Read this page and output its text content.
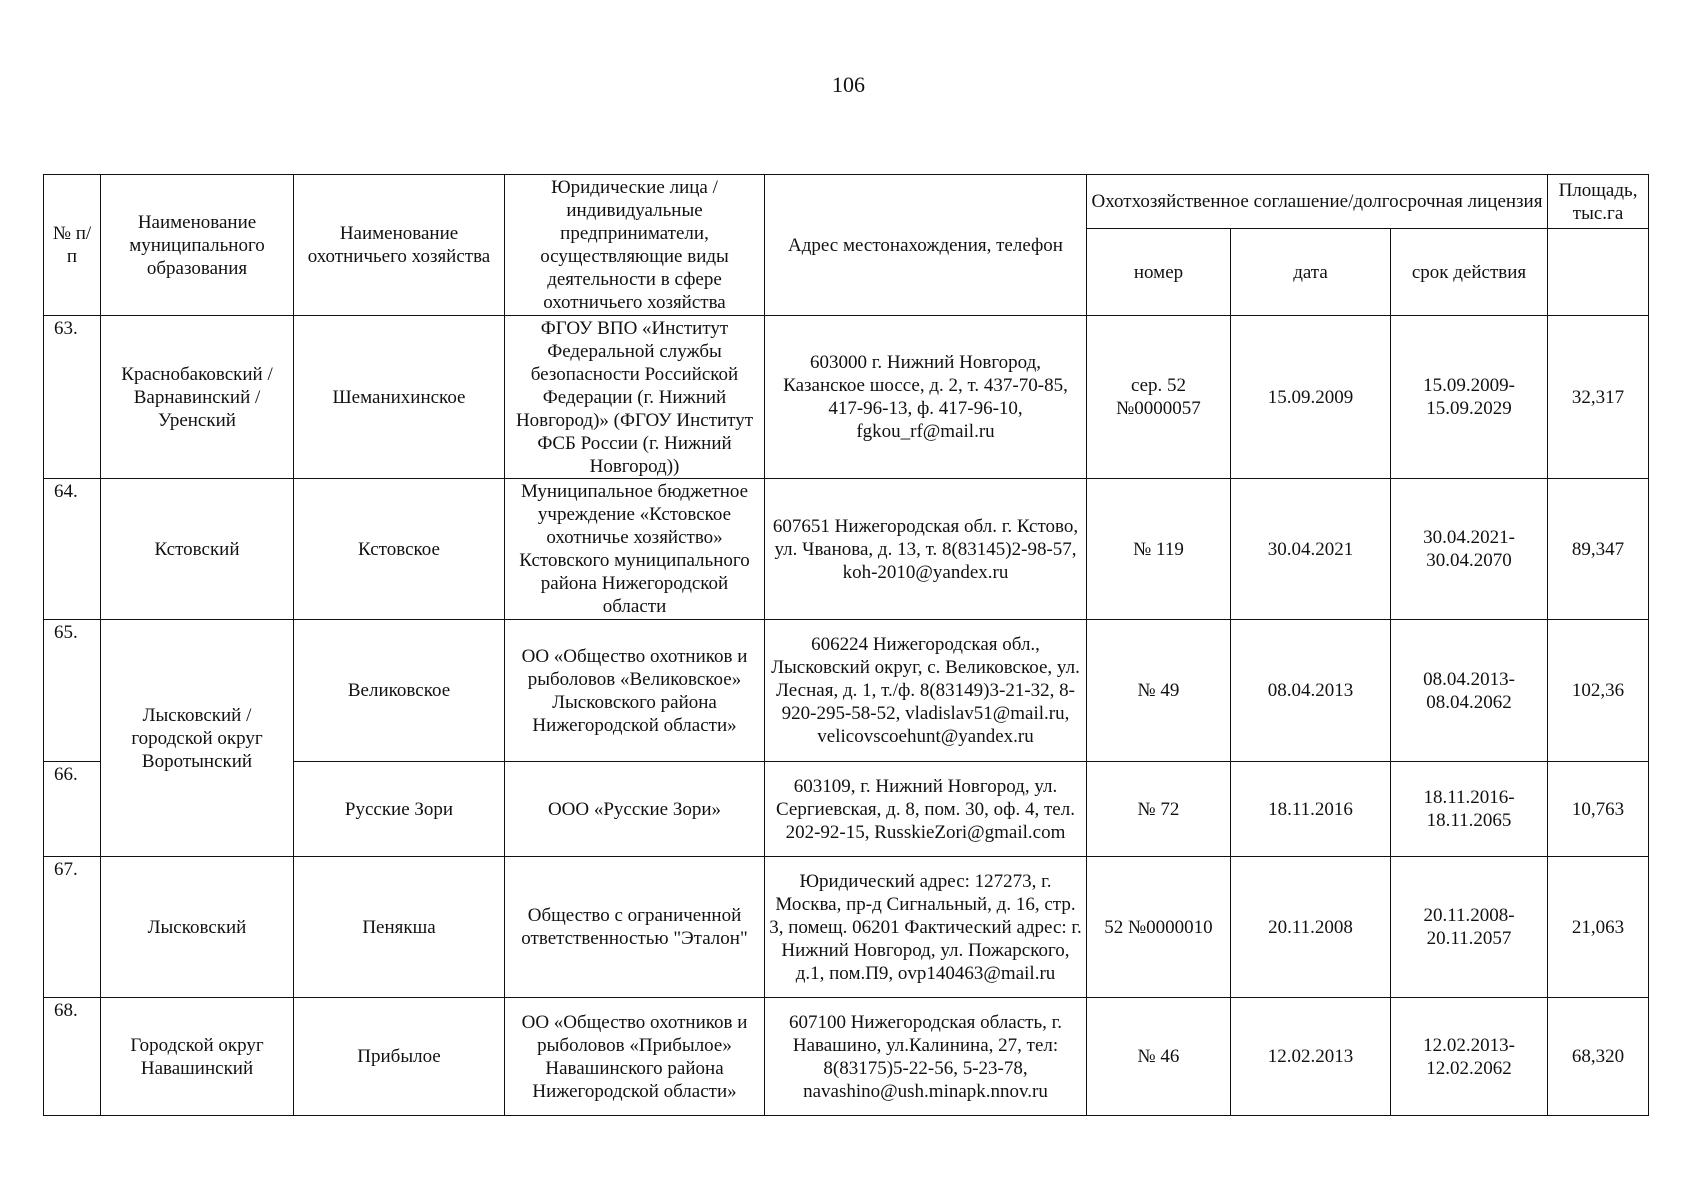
106
№ п/п	Наименование муниципального образования	Наименование охотничьего хозяйства	Юридические лица / индивидуальные предприниматели, осуществляющие виды деятельности в сфере охотничьего хозяйства	Адрес местонахождения, телефон	Охотхозяйственное соглашение/долгосрочная лицензия			Площадь, тыс.га
					номер	дата	срок действия	
63.	Краснобаковский / Варнавинский / Уренский	Шеманихинское	ФГОУ ВПО «Институт Федеральной службы безопасности Российской Федерации (г. Нижний Новгород)» (ФГОУ Институт ФСБ России (г. Нижний Новгород))	603000 г. Нижний Новгород, Казанское шоссе, д. 2, т. 437-70-85, 417-96-13, ф. 417-96-10, fgkou_rf@mail.ru	сер. 52 №0000057	15.09.2009	15.09.2009-15.09.2029	32,317
64.	Кстовский	Кстовское	Муниципальное бюджетное учреждение «Кстовское охотничье хозяйство» Кстовского муниципального района Нижегородской области	607651 Нижегородская обл. г. Кстово, ул. Чванова, д. 13, т. 8(83145)2-98-57, koh-2010@yandex.ru	№ 119	30.04.2021	30.04.2021-30.04.2070	89,347
65.	Лысковский / городской округ Воротынский	Великовское	ОО «Общество охотников и рыболовов «Великовское» Лысковского района Нижегородской области»	606224 Нижегородская обл., Лысковский округ, с. Великовское, ул. Лесная, д. 1, т./ф. 8(83149)3-21-32, 8-920-295-58-52, vladislav51@mail.ru, velicovscoehunt@yandex.ru	№ 49	08.04.2013	08.04.2013-08.04.2062	102,36
66.		Русские Зори	ООО «Русские Зори»	603109, г. Нижний Новгород, ул. Сергиевская, д. 8, пом. 30, оф. 4, тел. 202-92-15, RusskieZori@gmail.com	№ 72	18.11.2016	18.11.2016-18.11.2065	10,763
67.	Лысковский	Пенякша	Общество с ограниченной ответственностью "Эталон"	Юридический адрес: 127273, г. Москва, пр-д Сигнальный, д. 16, стр. 3, помещ. 06201 Фактический адрес: г. Нижний Новгород, ул. Пожарского, д.1, пом.П9, ovp140463@mail.ru	52 №0000010	20.11.2008	20.11.2008-20.11.2057	21,063
68.	Городской округ Навашинский	Прибылое	ОО «Общество охотников и рыболовов «Прибылое» Навашинского района Нижегородской области»	607100 Нижегородская область, г. Навашино, ул.Калинина, 27, тел: 8(83175)5-22-56, 5-23-78, navashino@ush.minapk.nnov.ru	№ 46	12.02.2013	12.02.2013-12.02.2062	68,320
